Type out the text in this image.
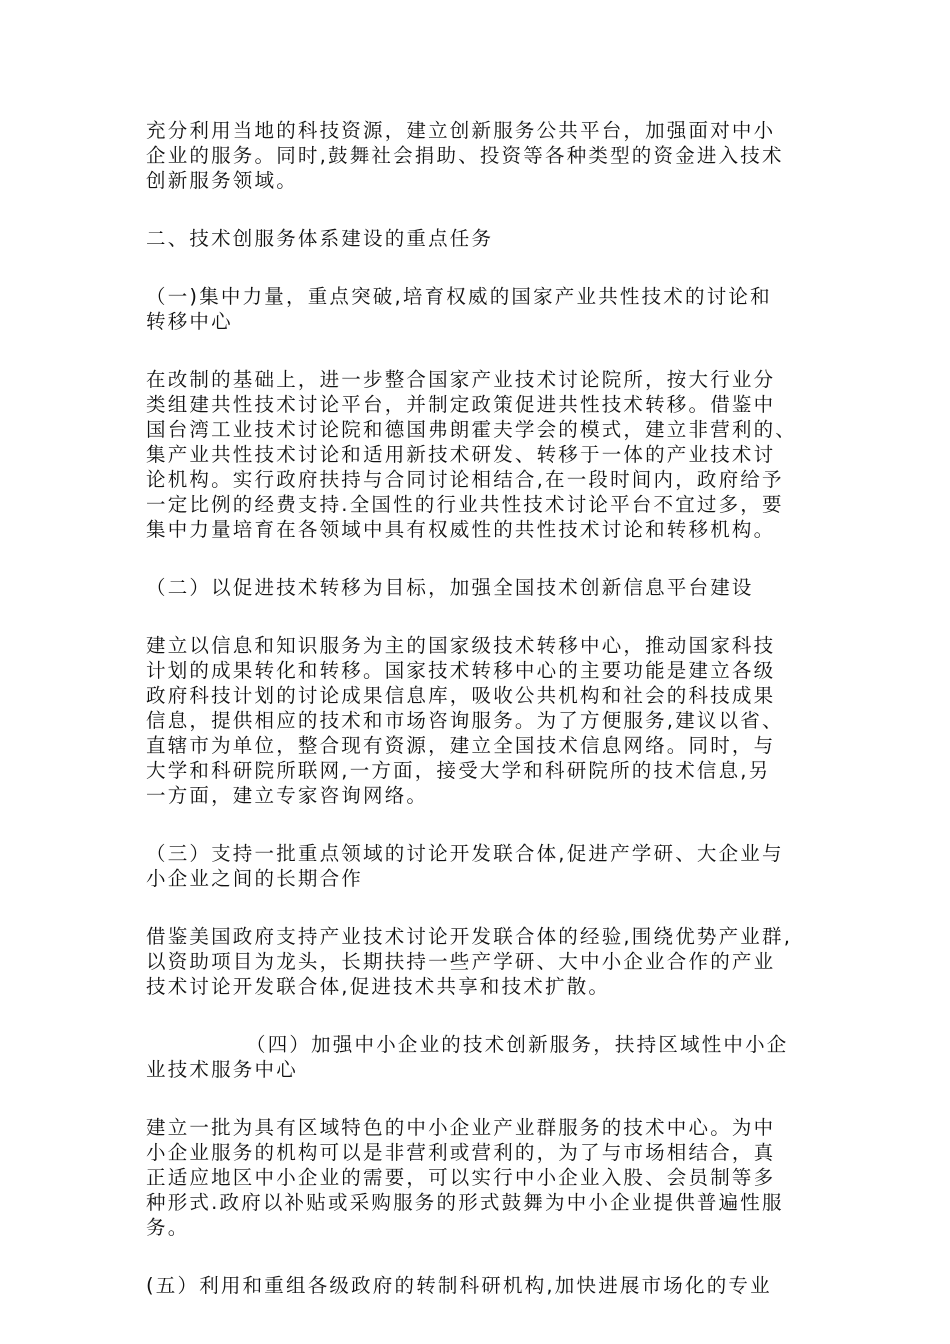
充分利用当地的科技资源，建立创新服务公共平台，加强面对中小
企业的服务。同时,鼓舞社会捐助、投资等各种类型的资金进入技术
创新服务领域。
二、技术创服务体系建设的重点任务
（一)集中力量，重点突破,培育权威的国家产业共性技术的讨论和
转移中心
在改制的基础上，进一步整合国家产业技术讨论院所，按大行业分
类组建共性技术讨论平台，并制定政策促进共性技术转移。借鉴中
国台湾工业技术讨论院和德国弗朗霍夫学会的模式，建立非营利的、
集产业共性技术讨论和适用新技术研发、转移于一体的产业技术讨
论机构。实行政府扶持与合同讨论相结合,在一段时间内，政府给予
一定比例的经费支持.全国性的行业共性技术讨论平台不宜过多，要
集中力量培育在各领域中具有权威性的共性技术讨论和转移机构。
（二）以促进技术转移为目标，加强全国技术创新信息平台建设
建立以信息和知识服务为主的国家级技术转移中心，推动国家科技
计划的成果转化和转移。国家技术转移中心的主要功能是建立各级
政府科技计划的讨论成果信息库，吸收公共机构和社会的科技成果
信息，提供相应的技术和市场咨询服务。为了方便服务,建议以省、
直辖市为单位，整合现有资源，建立全国技术信息网络。同时，与
大学和科研院所联网,一方面，接受大学和科研院所的技术信息,另
一方面，建立专家咨询网络。
（三）支持一批重点领域的讨论开发联合体,促进产学研、大企业与
小企业之间的长期合作
借鉴美国政府支持产业技术讨论开发联合体的经验,围绕优势产业群,
以资助项目为龙头，长期扶持一些产学研、大中小企业合作的产业
技术讨论开发联合体,促进技术共享和技术扩散。
（四）加强中小企业的技术创新服务，扶持区域性中小企
业技术服务中心
建立一批为具有区域特色的中小企业产业群服务的技术中心。为中
小企业服务的机构可以是非营利或营利的，为了与市场相结合，真
正适应地区中小企业的需要，可以实行中小企业入股、会员制等多
种形式.政府以补贴或采购服务的形式鼓舞为中小企业提供普遍性服
务。
(五）利用和重组各级政府的转制科研机构,加快进展市场化的专业
